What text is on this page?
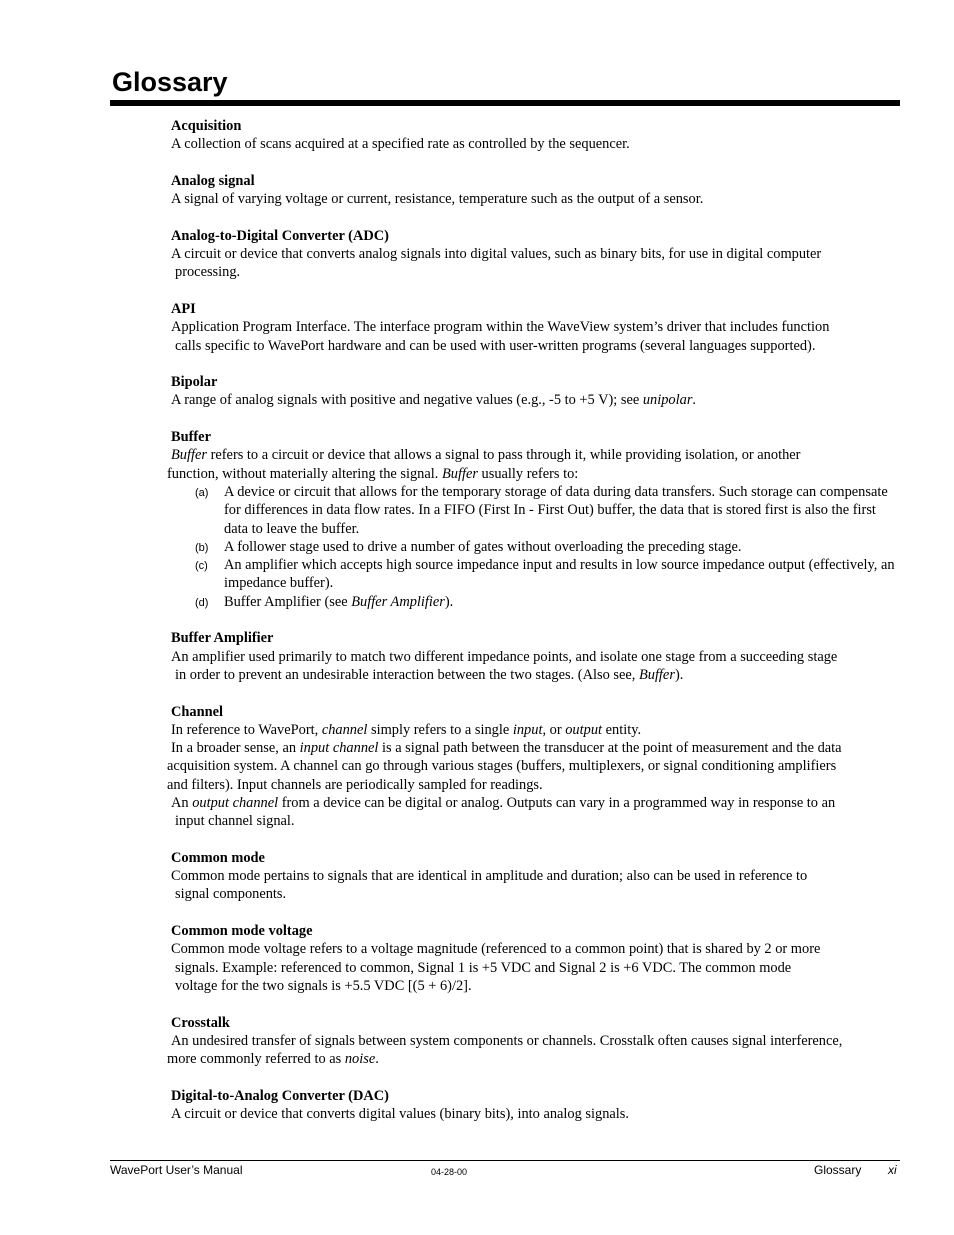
Glossary
Acquisition
A collection of scans acquired at a specified rate as controlled by the sequencer.
Analog signal
A signal of varying voltage or current, resistance, temperature such as the output of a sensor.
Analog-to-Digital Converter (ADC)
A circuit or device that converts analog signals into digital values, such as binary bits, for use in digital computer
processing.
API
Application Program Interface. The interface program within the WaveView system’s driver that includes function
calls specific to WavePort hardware and can be used with user-written programs (several languages supported).
Bipolar
A range of analog signals with positive and negative values (e.g., -5 to +5 V); see unipolar.
Buffer
Buffer refers to a circuit or device that allows a signal to pass through it, while providing isolation, or another
function, without materially altering the signal. Buffer usually refers to:
(a) A device or circuit that allows for the temporary storage of data during data transfers. Such storage can compensate for differences in data flow rates. In a FIFO (First In - First Out) buffer, the data that is stored first is also the first data to leave the buffer.
(b) A follower stage used to drive a number of gates without overloading the preceding stage.
(c) An amplifier which accepts high source impedance input and results in low source impedance output (effectively, an impedance buffer).
(d) Buffer Amplifier (see Buffer Amplifier).
Buffer Amplifier
An amplifier used primarily to match two different impedance points, and isolate one stage from a succeeding stage
in order to prevent an undesirable interaction between the two stages. (Also see, Buffer).
Channel
In reference to WavePort, channel simply refers to a single input, or output entity.
In a broader sense, an input channel is a signal path between the transducer at the point of measurement and the data
acquisition system. A channel can go through various stages (buffers, multiplexers, or signal conditioning amplifiers
and filters). Input channels are periodically sampled for readings.
An output channel from a device can be digital or analog. Outputs can vary in a programmed way in response to an
input channel signal.
Common mode
Common mode pertains to signals that are identical in amplitude and duration; also can be used in reference to
signal components.
Common mode voltage
Common mode voltage refers to a voltage magnitude (referenced to a common point) that is shared by 2 or more
signals. Example: referenced to common, Signal 1 is +5 VDC and Signal 2 is +6 VDC. The common mode
voltage for the two signals is +5.5 VDC [(5 + 6)/2].
Crosstalk
An undesired transfer of signals between system components or channels. Crosstalk often causes signal interference,
more commonly referred to as noise.
Digital-to-Analog Converter (DAC)
A circuit or device that converts digital values (binary bits), into analog signals.
WavePort User’s Manual	04-28-00	Glossary xi
